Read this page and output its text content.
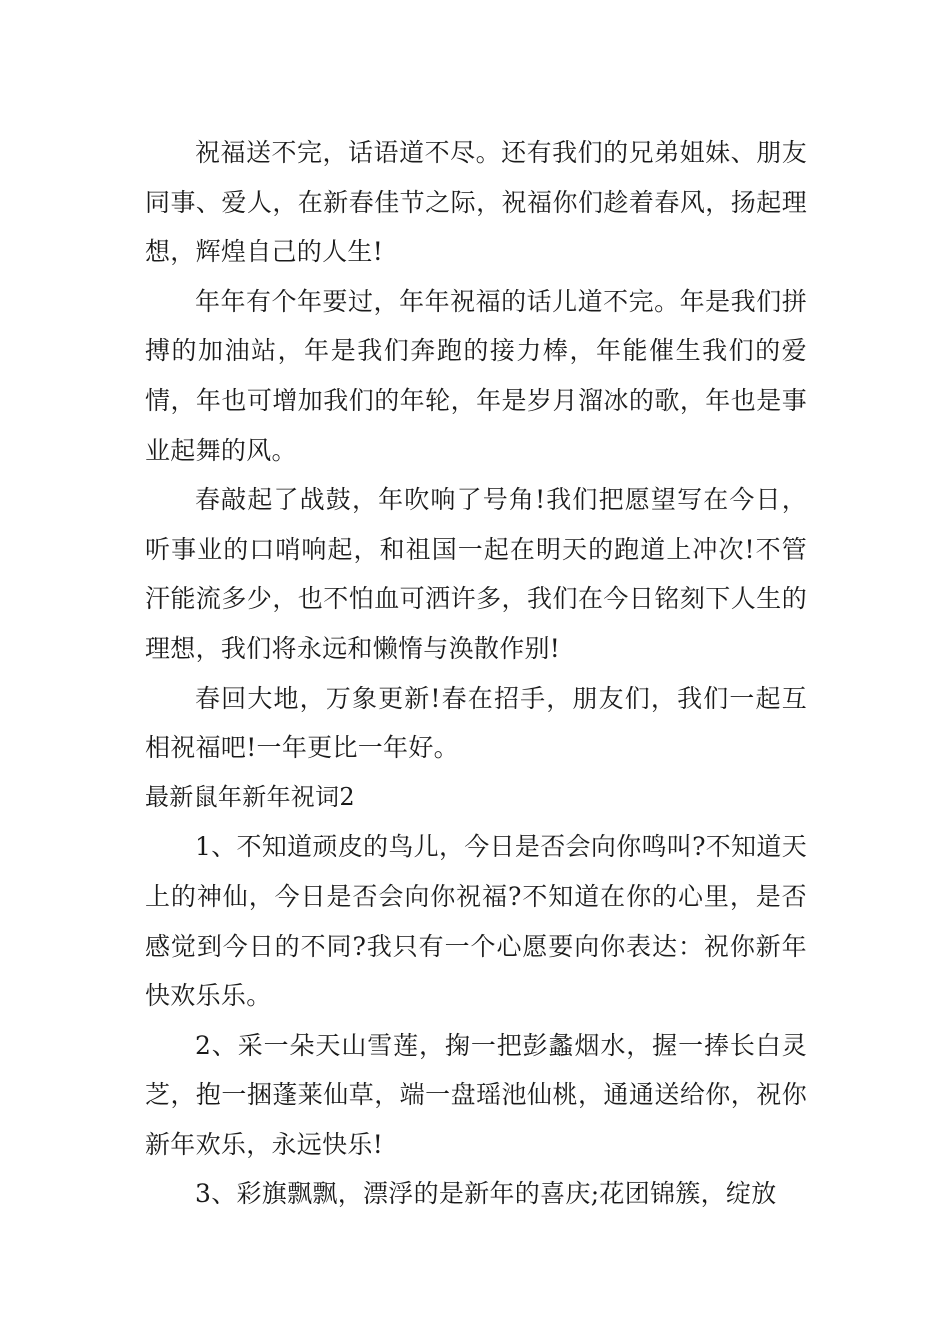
祝福送不完，话语道不尽。还有我们的兄弟姐妹、朋友同事、爱人，在新春佳节之际，祝福你们趁着春风，扬起理想，辉煌自己的人生!

年年有个年要过，年年祝福的话儿道不完。年是我们拼搏的加油站，年是我们奔跑的接力棒，年能催生我们的爱情，年也可增加我们的年轮，年是岁月溜冰的歌，年也是事业起舞的风。

春敲起了战鼓，年吹响了号角!我们把愿望写在今日，听事业的口哨响起，和祖国一起在明天的跑道上冲次!不管汗能流多少，也不怕血可洒许多，我们在今日铭刻下人生的理想，我们将永远和懒惰与涣散作别!

春回大地，万象更新!春在招手，朋友们，我们一起互相祝福吧!一年更比一年好。

最新鼠年新年祝词2

1、不知道顽皮的鸟儿，今日是否会向你鸣叫?不知道天上的神仙，今日是否会向你祝福?不知道在你的心里，是否感觉到今日的不同?我只有一个心愿要向你表达：祝你新年快欢乐乐。

2、采一朵天山雪莲，掬一把彭蠡烟水，握一捧长白灵芝，抱一捆蓬莱仙草，端一盘瑶池仙桃，通通送给你，祝你新年欢乐，永远快乐!

3、彩旗飘飘，漂浮的是新年的喜庆;花团锦簇，绽放
